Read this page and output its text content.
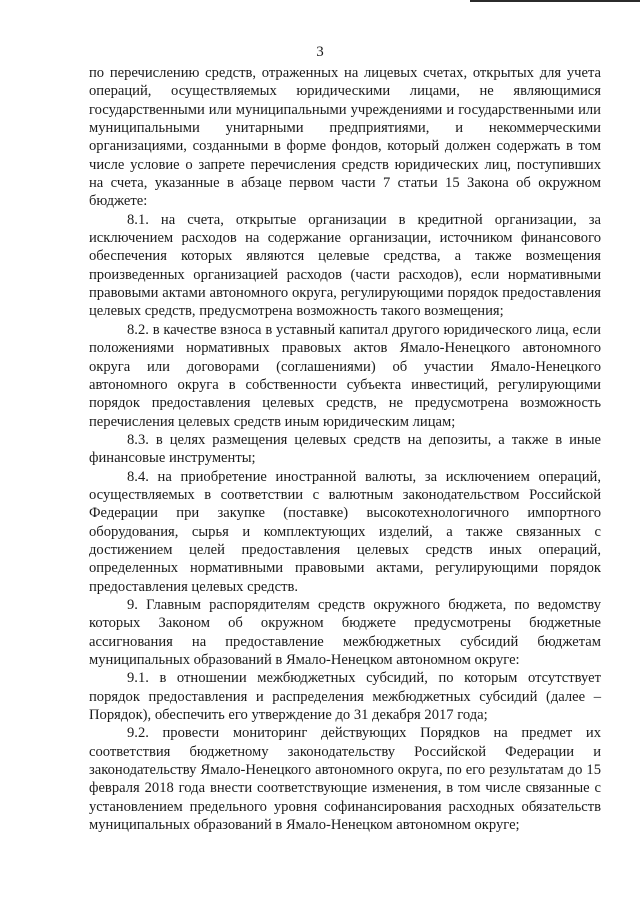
3

по перечислению средств, отраженных на лицевых счетах, открытых для учета операций, осуществляемых юридическими лицами, не являющимися государственными или муниципальными учреждениями и государственными или муниципальными унитарными предприятиями, и некоммерческими организациями, созданными в форме фондов, который должен содержать в том числе условие о запрете перечисления средств юридических лиц, поступивших на счета, указанные в абзаце первом части 7 статьи 15 Закона об окружном бюджете:

8.1. на счета, открытые организации в кредитной организации, за исключением расходов на содержание организации, источником финансового обеспечения которых являются целевые средства, а также возмещения произведенных организацией расходов (части расходов), если нормативными правовыми актами автономного округа, регулирующими порядок предоставления целевых средств, предусмотрена возможность такого возмещения;

8.2. в качестве взноса в уставный капитал другого юридического лица, если положениями нормативных правовых актов Ямало-Ненецкого автономного округа или договорами (соглашениями) об участии Ямало-Ненецкого автономного округа в собственности субъекта инвестиций, регулирующими порядок предоставления целевых средств, не предусмотрена возможность перечисления целевых средств иным юридическим лицам;

8.3. в целях размещения целевых средств на депозиты, а также в иные финансовые инструменты;

8.4. на приобретение иностранной валюты, за исключением операций, осуществляемых в соответствии с валютным законодательством Российской Федерации при закупке (поставке) высокотехнологичного импортного оборудования, сырья и комплектующих изделий, а также связанных с достижением целей предоставления целевых средств иных операций, определенных нормативными правовыми актами, регулирующими порядок предоставления целевых средств.

9. Главным распорядителям средств окружного бюджета, по ведомству которых Законом об окружном бюджете предусмотрены бюджетные ассигнования на предоставление межбюджетных субсидий бюджетам муниципальных образований в Ямало-Ненецком автономном округе:

9.1. в отношении межбюджетных субсидий, по которым отсутствует порядок предоставления и распределения межбюджетных субсидий (далее – Порядок), обеспечить его утверждение до 31 декабря 2017 года;

9.2. провести мониторинг действующих Порядков на предмет их соответствия бюджетному законодательству Российской Федерации и законодательству Ямало-Ненецкого автономного округа, по его результатам до 15 февраля 2018 года внести соответствующие изменения, в том числе связанные с установлением предельного уровня софинансирования расходных обязательств муниципальных образований в Ямало-Ненецком автономном округе;
